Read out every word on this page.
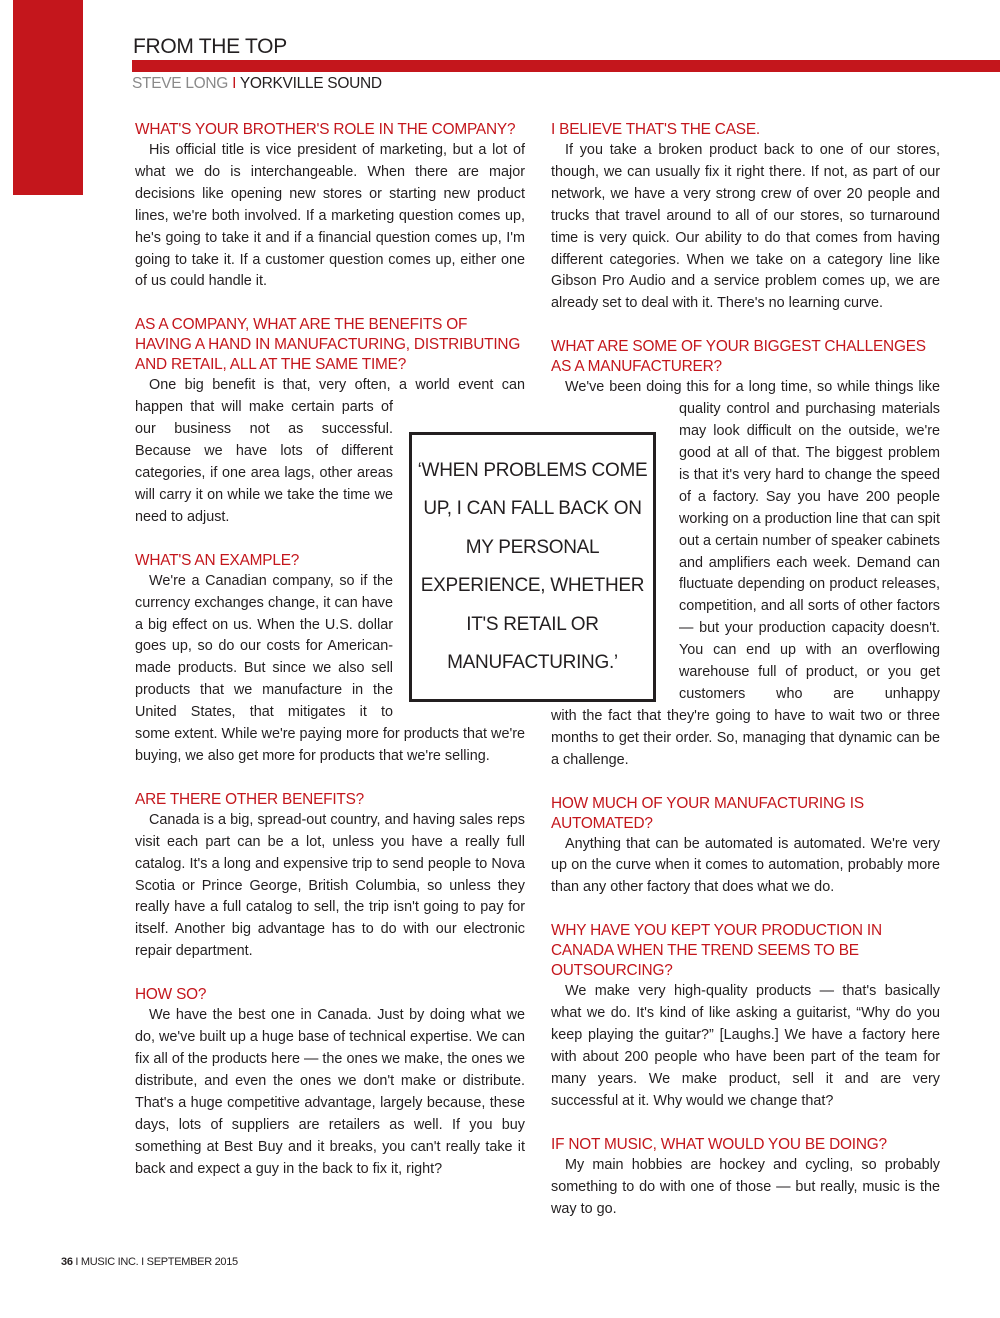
FROM THE TOP
STEVE LONG I YORKVILLE SOUND

WHAT'S YOUR BROTHER'S ROLE IN THE COMPANY?

His official title is vice president of marketing, but a lot of what we do is interchangeable. When there are major decisions like opening new stores or starting new product lines, we're both involved. If a marketing question comes up, he's going to take it and if a financial question comes up, I'm going to take it. If a customer question comes up, either one of us could handle it.

AS A COMPANY, WHAT ARE THE BENEFITS OF HAVING A HAND IN MANUFACTURING, DISTRIBUTING AND RETAIL, ALL AT THE SAME TIME?

One big benefit is that, very often, a world event can

happen that will make certain parts of our business not as successful. Because we have lots of different categories, if one area lags, other areas will carry it on while we take the time we need to adjust.

WHAT'S AN EXAMPLE?

We're a Canadian company, so if the currency exchanges change, it can have a big effect on us. When the U.S. dollar goes up, so do our costs for American-made products. But since we also sell products that we manufacture in the United States, that mitigates it to

some extent. While we're paying more for products that we're buying, we also get more for products that we're selling.

ARE THERE OTHER BENEFITS?

Canada is a big, spread-out country, and having sales reps visit each part can be a lot, unless you have a really full catalog. It's a long and expensive trip to send people to Nova Scotia or Prince George, British Columbia, so unless they really have a full catalog to sell, the trip isn't going to pay for itself. Another big advantage has to do with our electronic repair department.

HOW SO?

We have the best one in Canada. Just by doing what we do, we've built up a huge base of technical expertise. We can fix all of the products here — the ones we make, the ones we distribute, and even the ones we don't make or distribute. That's a huge competitive advantage, largely because, these days, lots of suppliers are retailers as well. If you buy something at Best Buy and it breaks, you can't really take it back and expect a guy in the back to fix it, right?

I BELIEVE THAT'S THE CASE.

If you take a broken product back to one of our stores, though, we can usually fix it right there. If not, as part of our network, we have a very strong crew of over 20 people and trucks that travel around to all of our stores, so turnaround time is very quick. Our ability to do that comes from having different categories. When we take on a category line like Gibson Pro Audio and a service problem comes up, we are already set to deal with it. There's no learning curve.

WHAT ARE SOME OF YOUR BIGGEST CHALLENGES AS A MANUFACTURER?

We've been doing this for a long time, so while things like

quality control and purchasing materials may look difficult on the outside, we're good at all of that. The biggest problem is that it's very hard to change the speed of a factory. Say you have 200 people working on a production line that can spit out a certain number of speaker cabinets and amplifiers each week. Demand can fluctuate depending on product releases, competition, and all sorts of other factors — but your production capacity doesn't. You can end up with an overflowing warehouse full of product, or you get customers who are unhappy

with the fact that they're going to have to wait two or three months to get their order. So, managing that dynamic can be a challenge.

HOW MUCH OF YOUR MANUFACTURING IS AUTOMATED?

Anything that can be automated is automated. We're very up on the curve when it comes to automation, probably more than any other factory that does what we do.

WHY HAVE YOU KEPT YOUR PRODUCTION IN CANADA WHEN THE TREND SEEMS TO BE OUTSOURCING?

We make very high-quality products — that's basically what we do. It's kind of like asking a guitarist, “Why do you keep playing the guitar?” [Laughs.] We have a factory here with about 200 people who have been part of the team for many years. We make product, sell it and are very successful at it. Why would we change that?

IF NOT MUSIC, WHAT WOULD YOU BE DOING?

My main hobbies are hockey and cycling, so probably something to do with one of those — but really, music is the way to go.

‘WHEN PROBLEMS COME UP, I CAN FALL BACK ON MY PERSONAL EXPERIENCE, WHETHER IT'S RETAIL OR MANUFACTURING.’
36 I MUSIC INC. I SEPTEMBER 2015
